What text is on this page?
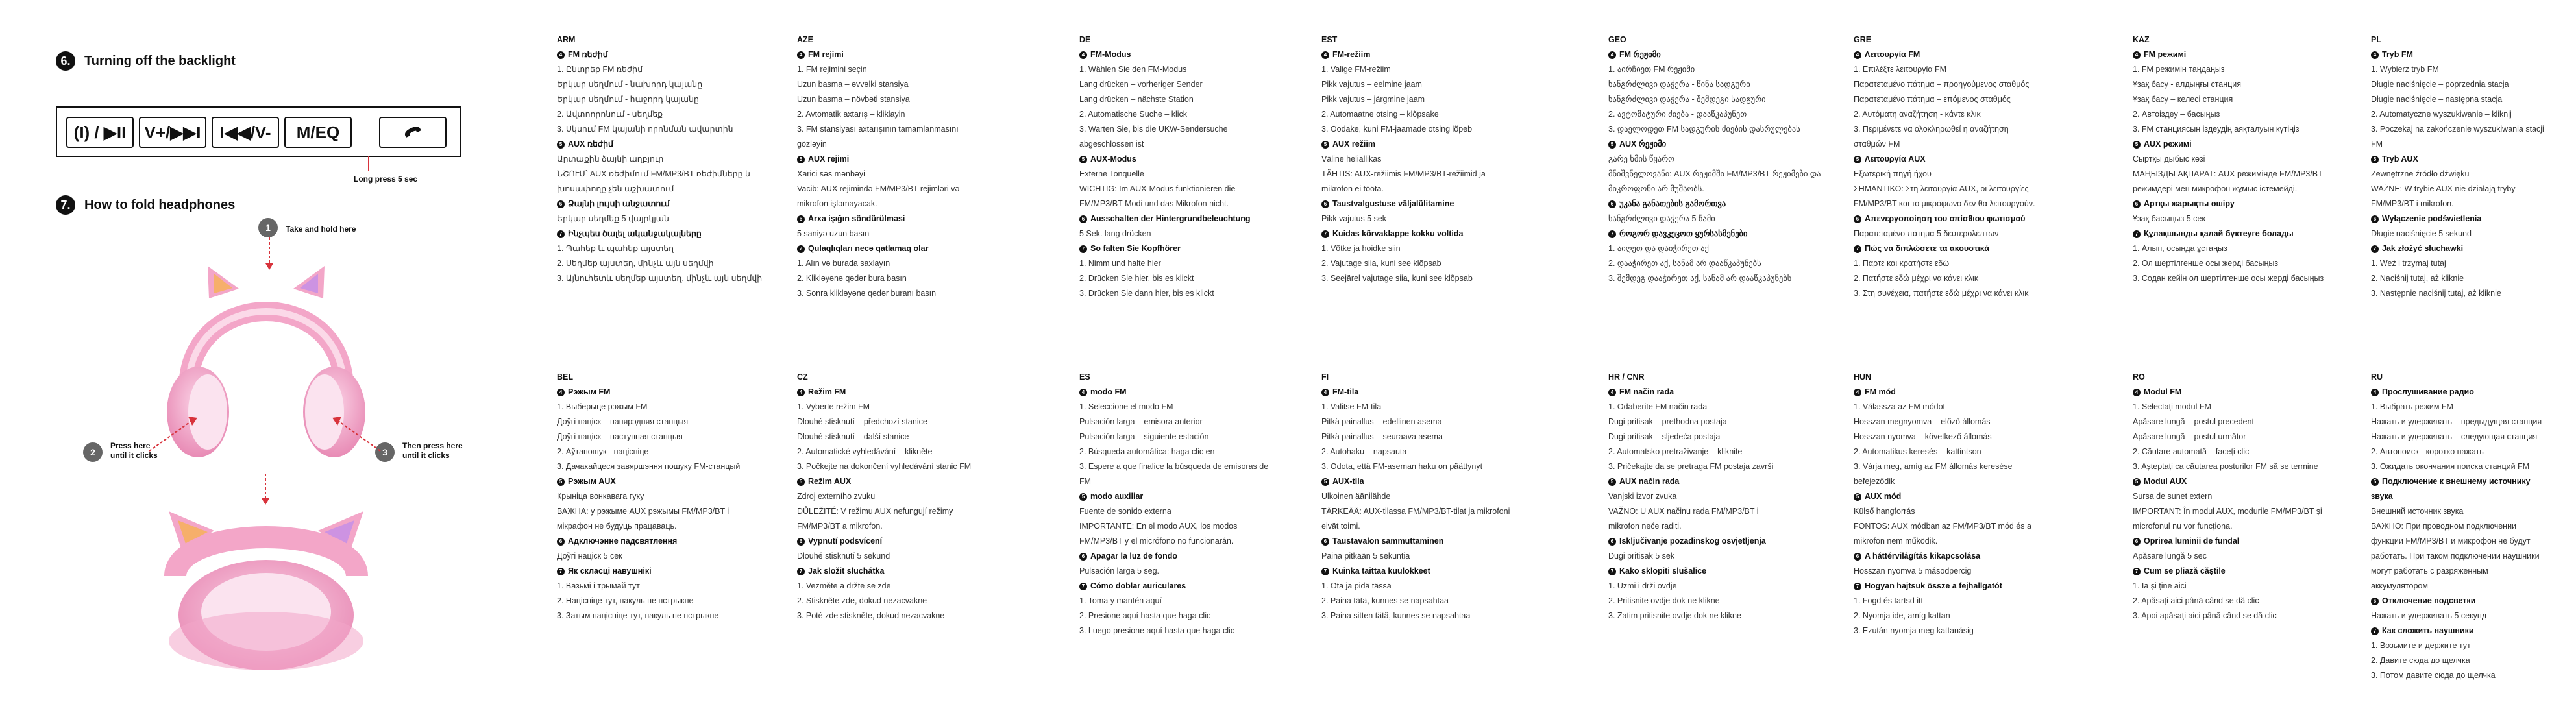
6.	Turning off the backlight
(I) / ▶II	V+/▶▶I	I◀◀/V-	M/EQ
Long press 5 sec
7.	How to fold headphones
1	Take and hold here
2
Press here until it clicks	3
Then press here until it clicks
ARM
4 FM ռեժիմ
1. Ընտրեք FM ռեժիմ
Երկար սեղմում - նախորդ կայանը
Երկար սեղմում - հաջորդ կայանը
2. Ավտոորոնում - սեղմեք
3. Սկսում FM կայանի որոնման ավարտին
5 AUX ռեժիմ
Արտաքին ձայնի աղբյուր
ՆՇՈՒՄ՝ AUX ռեժիմում FM/MP3/BT ռեժիմները և
խոսափողը չեն աշխատում
6 Ձայնի լույսի անջատում
Երկար սեղմեք 5 վայրկյան
7 Ինչպես ծալել ականջակալները
1. Պահեք և պահեք այստեղ
2. Սեղմեք այստեղ, մինչև այն սեղմվի
3. Այնուհետև սեղմեք այստեղ, մինչև այն սեղմվի
AZE
4 FM rejimi
1. FM rejimini seçin
Uzun basma – əvvəlki stansiya
Uzun basma – növbəti stansiya
2. Avtomatik axtarış – kliklayin
3. FM stansiyası axtarışının tamamlanmasını
gözləyin
5 AUX rejimi
Xarici səs mənbəyi
Vacib: AUX rejimində FM/MP3/BT rejimləri və
mikrofon işləmayacak.
6 Arxa işığın söndürülməsi
5 saniyə uzun basın
7 Qulaqlıqları necə qatlamaq olar
1. Alın və burada saxlayın
2. Klikləyənə qədər bura basın
3. Sonra klikləyənə qədər buranı basın
DE
4 FM-Modus
1. Wählen Sie den FM-Modus
Lang drücken – vorheriger Sender
Lang drücken – nächste Station
2. Automatische Suche – klick
3. Warten Sie, bis die UKW-Sendersuche
abgeschlossen ist
5 AUX-Modus
Externe Tonquelle
WICHTIG: Im AUX-Modus funktionieren die
FM/MP3/BT-Modi und das Mikrofon nicht.
6 Ausschalten der Hintergrundbeleuchtung
5 Sek. lang drücken
7 So falten Sie Kopfhörer
1. Nimm und halte hier
2. Drücken Sie hier, bis es klickt
3. Drücken Sie dann hier, bis es klickt
EST
4 FM-režiim
1. Valige FM-režiim
Pikk vajutus – eelmine jaam
Pikk vajutus – järgmine jaam
2. Automaatne otsing – klõpsake
3. Oodake, kuni FM-jaamade otsing lõpeb
5 AUX režiim
Väline heliallikas
TÄHTIS: AUX-režiimis FM/MP3/BT-režiimid ja
mikrofon ei tööta.
6 Taustvalgustuse väljalülitamine
Pikk vajutus 5 sek
7 Kuidas kõrvaklappe kokku voltida
1. Võtke ja hoidke siin
2. Vajutage siia, kuni see klõpsab
3. Seejärel vajutage siia, kuni see klõpsab
GEO
4 FM რეჟიმი
1. აირჩიეთ FM რეჟიმი
ხანგრძლივი დაჭერა - წინა სადგური
ხანგრძლივი დაჭერა - შემდეგი სადგური
2. ავტომატური ძიება - დააწკაპუნეთ
3. დაელოდეთ FM სადგურის ძიების დასრულებას
5 AUX რეჟიმი
გარე ხმის წყარო
მნიშვნელოვანი: AUX რეჟიმში FM/MP3/BT რეჟიმები და
მიკროფონი არ მუშაობს.
6 უკანა განათების გამორთვა
ხანგრძლივი დაჭერა 5 წამი
7 როგორ დავკეცოთ ყურსასმენები
1. აიღეთ და დაიჭირეთ აქ
2. დააჭირეთ აქ, სანამ არ დააწკაპუნებს
3. შემდეგ დააჭირეთ აქ, სანამ არ დააწკაპუნებს
GRE
4 Λειτουργία FM
1. Επιλέξτε λειτουργία FM
Παρατεταμένο πάτημα – προηγούμενος σταθμός
Παρατεταμένο πάτημα – επόμενος σταθμός
2. Αυτόματη αναζήτηση - κάντε κλικ
3. Περιμένετε να ολοκληρωθεί η αναζήτηση
σταθμών FM
5 Λειτουργία AUX
Εξωτερική πηγή ήχου
ΣΗΜΑΝΤΙΚΟ: Στη λειτουργία AUX, οι λειτουργίες
FM/MP3/BT και το μικρόφωνο δεν θα λειτουργούν.
6 Απενεργοποίηση του οπίσθιου φωτισμού
Παρατεταμένο πάτημα 5 δευτερολέπτων
7 Πώς να διπλώσετε τα ακουστικά
1. Πάρτε και κρατήστε εδώ
2. Πατήστε εδώ μέχρι να κάνει κλικ
3. Στη συνέχεια, πατήστε εδώ μέχρι να κάνει κλικ
KAZ
4 FM режимі
1. FM режимін таңдаңыз
Ұзақ басу - алдыңғы станция
Ұзақ басу – келесі станция
2. Автоіздеу – басыңыз
3. FM станциясын іздеудің аяқталуын күтіңіз
5 AUX режимі
Сыртқы дыбыс көзі
МАҢЫЗДЫ АҚПАРАТ: AUX режимінде FM/MP3/BT
режимдері мен микрофон жұмыс істемейді.
6 Артқы жарықты өшіру
Ұзақ басыңыз 5 сек
7 Құлақшынды қалай бүктеуге болады
1. Алып, осында ұстаңыз
2. Ол шертілгенше осы жерді басыңыз
3. Содан кейін ол шертілгенше осы жерді басыңыз
PL
4 Tryb FM
1. Wybierz tryb FM
Długie naciśnięcie – poprzednia stacja
Długie naciśnięcie – następna stacja
2. Automatyczne wyszukiwanie – kliknij
3. Poczekaj na zakończenie wyszukiwania stacji
FM
5 Tryb AUX
Zewnętrzne źródło dźwięku
WAŻNE: W trybie AUX nie działają tryby
FM/MP3/BT i mikrofon.
6 Wyłączenie podświetlenia
Długie naciśnięcie 5 sekund
7 Jak złożyć słuchawki
1. Weź i trzymaj tutaj
2. Naciśnij tutaj, aż kliknie
3. Następnie naciśnij tutaj, aż kliknie
BEL
4 Рэжым FM
1. Выберыце рэжым FM
Доўгі націск – папярэдняя станцыя
Доўгі націск – наступная станцыя
2. Аўтапошук - націсніце
3. Дачакайцеся завяршэння пошуку FM-станцый
5 Рэжым AUX
Крыніца вонкавага гуку
ВАЖНА: у рэжыме AUX рэжымы FM/MP3/BT і
мікрафон не будуць працаваць.
6 Адключэнне падсвятлення
Доўгі націск 5 сек
7 Як скласці навушнікі
1. Вазьмі і трымай тут
2. Націсніце тут, пакуль не пстрыкне
3. Затым націсніце тут, пакуль не пстрыкне
CZ
4 Režim FM
1. Vyberte režim FM
Dlouhé stisknutí – předchozí stanice
Dlouhé stisknutí – další stanice
2. Automatické vyhledávání – klikněte
3. Počkejte na dokončení vyhledávání stanic FM
5 Režim AUX
Zdroj externího zvuku
DŮLEŽITÉ: V režimu AUX nefungují režimy
FM/MP3/BT a mikrofon.
6 Vypnutí podsvícení
Dlouhé stisknutí 5 sekund
7 Jak složit sluchátka
1. Vezměte a držte se zde
2. Stiskněte zde, dokud nezacvakne
3. Poté zde stiskněte, dokud nezacvakne
ES
4 modo FM
1. Seleccione el modo FM
Pulsación larga – emisora anterior
Pulsación larga – siguiente estación
2. Búsqueda automática: haga clic en
3. Espere a que finalice la búsqueda de emisoras de
FM
5 modo auxiliar
Fuente de sonido externa
IMPORTANTE: En el modo AUX, los modos
FM/MP3/BT y el micrófono no funcionarán.
6 Apagar la luz de fondo
Pulsación larga 5 seg.
7 Cómo doblar auriculares
1. Toma y mantén aquí
2. Presione aquí hasta que haga clic
3. Luego presione aquí hasta que haga clic
FI
4 FM-tila
1. Valitse FM-tila
Pitkä painallus – edellinen asema
Pitkä painallus – seuraava asema
2. Autohaku – napsauta
3. Odota, että FM-aseman haku on päättynyt
5 AUX-tila
Ulkoinen äänilähde
TÄRKEÄÄ: AUX-tilassa FM/MP3/BT-tilat ja mikrofoni
eivät toimi.
6 Taustavalon sammuttaminen
Paina pitkään 5 sekuntia
7 Kuinka taittaa kuulokkeet
1. Ota ja pidä tässä
2. Paina tätä, kunnes se napsahtaa
3. Paina sitten tätä, kunnes se napsahtaa
HR / CNR
4 FM način rada
1. Odaberite FM način rada
Dugi pritisak – prethodna postaja
Dugi pritisak – sljedeća postaja
2. Automatsko pretraživanje – kliknite
3. Pričekajte da se pretraga FM postaja završi
5 AUX način rada
Vanjski izvor zvuka
VAŽNO: U AUX načinu rada FM/MP3/BT i
mikrofon neće raditi.
6 Isključivanje pozadinskog osvjetljenja
Dugi pritisak 5 sek
7 Kako sklopiti slušalice
1. Uzmi i drži ovdje
2. Pritisnite ovdje dok ne klikne
3. Zatim pritisnite ovdje dok ne klikne
HUN
4 FM mód
1. Válassza az FM módot
Hosszan megnyomva – előző állomás
Hosszan nyomva – következő állomás
2. Automatikus keresés – kattintson
3. Várja meg, amíg az FM állomás keresése
befejeződik
5 AUX mód
Külső hangforrás
FONTOS: AUX módban az FM/MP3/BT mód és a
mikrofon nem működik.
6 A háttérvilágítás kikapcsolása
Hosszan nyomva 5 másodpercig
7 Hogyan hajtsuk össze a fejhallgatót
1. Fogd és tartsd itt
2. Nyomja ide, amíg kattan
3. Ezután nyomja meg kattanásig
RO
4 Modul FM
1. Selectați modul FM
Apăsare lungă – postul precedent
Apăsare lungă – postul următor
2. Căutare automată – faceți clic
3. Așteptați ca căutarea posturilor FM să se termine
5 Modul AUX
Sursa de sunet extern
IMPORTANT: În modul AUX, modurile FM/MP3/BT și
microfonul nu vor funcționa.
6 Oprirea luminii de fundal
Apăsare lungă 5 sec
7 Cum se pliază căștile
1. Ia și ține aici
2. Apăsați aici până când se dă clic
3. Apoi apăsați aici până când se dă clic
RU
4 Прослушивание радио
1. Выбрать режим FM
Нажать и удерживать – предыдущая станция
Нажать и удерживать – следующая станция
2. Автопоиск - коротко нажать
3. Ожидать окончания поиска станций FM
5 Подключение к внешнему источнику
звука
Внешний источник звука
ВАЖНО: При проводном подключении
функции FM/MP3/BT и микрофон не будут
работать. При таком подключении наушники
могут работать с разряженным
аккумулятором
6 Отключение подсветки
Нажать и удерживать 5 секунд
7 Как сложить наушники
1. Возьмите и держите тут
2. Давите сюда до щелчка
3. Потом давите сюда до щелчка
